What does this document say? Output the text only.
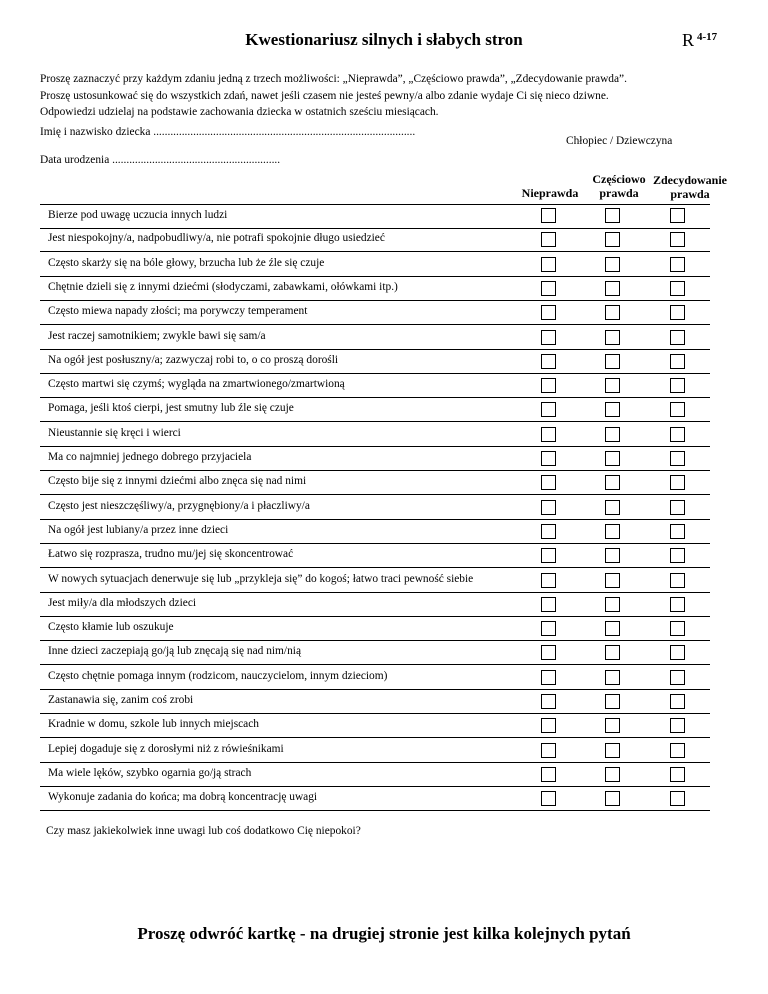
Kwestionariusz silnych i słabych stron	R $^{4-17}$
Proszę zaznaczyć przy każdym zdaniu jedną z trzech możliwości: „Nieprawda”, „Częściowo prawda”, „Zdecydowanie prawda”.
Proszę ustosunkować się do wszystkich zdań, nawet jeśli czasem nie jesteś pewny/a albo zdanie wydaje Ci się nieco dziwne.
Odpowiedzi udzielaj na podstawie zachowania dziecka w ostatnich sześciu miesiącach.
Imię i nazwisko dziecka ............................................................................................
Chłopiec / Dziewczyna
Data urodzenia ...........................................................
Nieprawda
Częściowo
prawda
Zdecydowanie
prawda
Bierze pod uwagę uczucia innych ludzi
Jest niespokojny/a, nadpobudliwy/a, nie potrafi spokojnie długo usiedzieć
Często skarży się na bóle głowy, brzucha lub że źle się czuje
Chętnie dzieli się z innymi dziećmi (słodyczami, zabawkami, ołówkami itp.)
Często miewa napady złości; ma porywczy temperament
Jest raczej samotnikiem; zwykle bawi się sam/a
Na ogół jest posłuszny/a; zazwyczaj robi to, o co proszą dorośli
Często martwi się czymś; wygląda na zmartwionego/zmartwioną
Pomaga, jeśli ktoś cierpi, jest smutny lub źle się czuje
Nieustannie się kręci i wierci
Ma co najmniej jednego dobrego przyjaciela
Często bije się z innymi dziećmi albo znęca się nad nimi
Często jest nieszczęśliwy/a, przygnębiony/a i płaczliwy/a
Na ogół jest lubiany/a przez inne dzieci
Łatwo się rozprasza, trudno mu/jej się skoncentrować
W nowych sytuacjach denerwuje się lub „przykleja się” do kogoś; łatwo traci pewność siebie
Jest miły/a dla młodszych dzieci
Często kłamie lub oszukuje
Inne dzieci zaczepiają go/ją lub znęcają się nad nim/nią
Często chętnie pomaga innym (rodzicom, nauczycielom, innym dzieciom)
Zastanawia się, zanim coś zrobi
Kradnie w domu, szkole lub innych miejscach
Lepiej dogaduje się z dorosłymi niż z rówieśnikami
Ma wiele lęków, szybko ogarnia go/ją strach
Wykonuje zadania do końca; ma dobrą koncentrację uwagi
Czy masz jakiekolwiek inne uwagi lub coś dodatkowo Cię niepokoi?
Proszę odwróć kartkę - na drugiej stronie jest kilka kolejnych pytań
